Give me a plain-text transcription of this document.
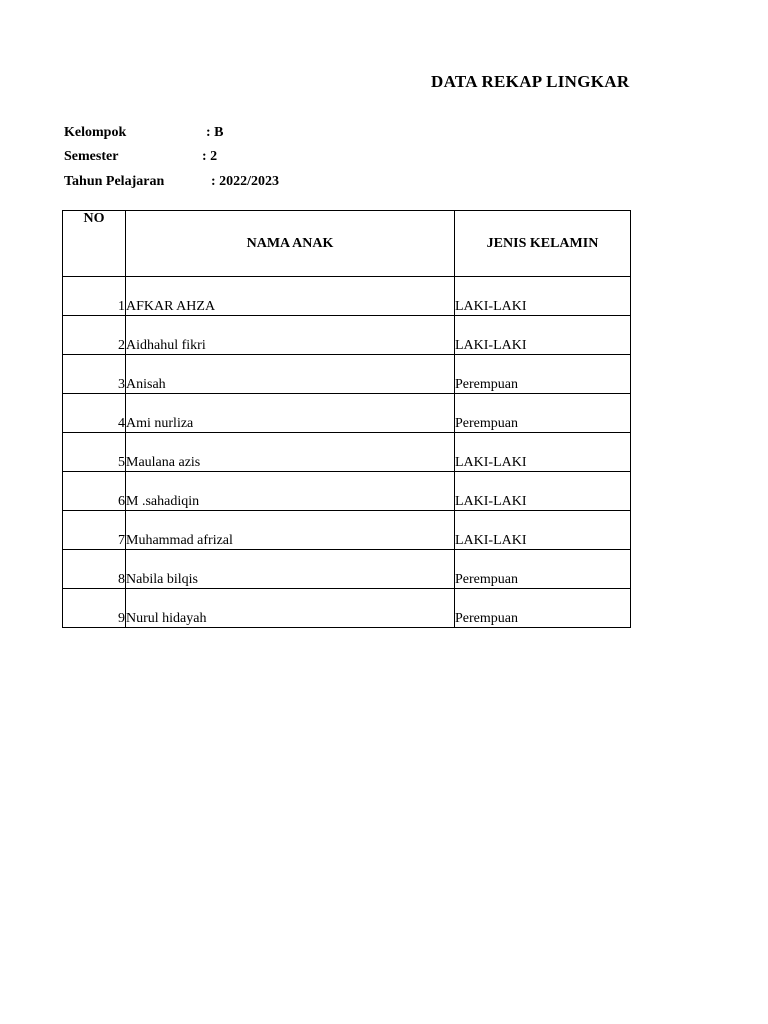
DATA REKAP LINGKAR
Kelompok	: B
Semester	: 2
Tahun Pelajaran	: 2022/2023
NO	NAMA ANAK	JENIS KELAMIN
1	AFKAR AHZA	LAKI-LAKI
2	Aidhahul fikri	LAKI-LAKI
3	Anisah	Perempuan
4	Ami nurliza	Perempuan
5	Maulana azis	LAKI-LAKI
6	M .sahadiqin	LAKI-LAKI
7	Muhammad afrizal	LAKI-LAKI
8	Nabila bilqis	Perempuan
9	Nurul hidayah	Perempuan
